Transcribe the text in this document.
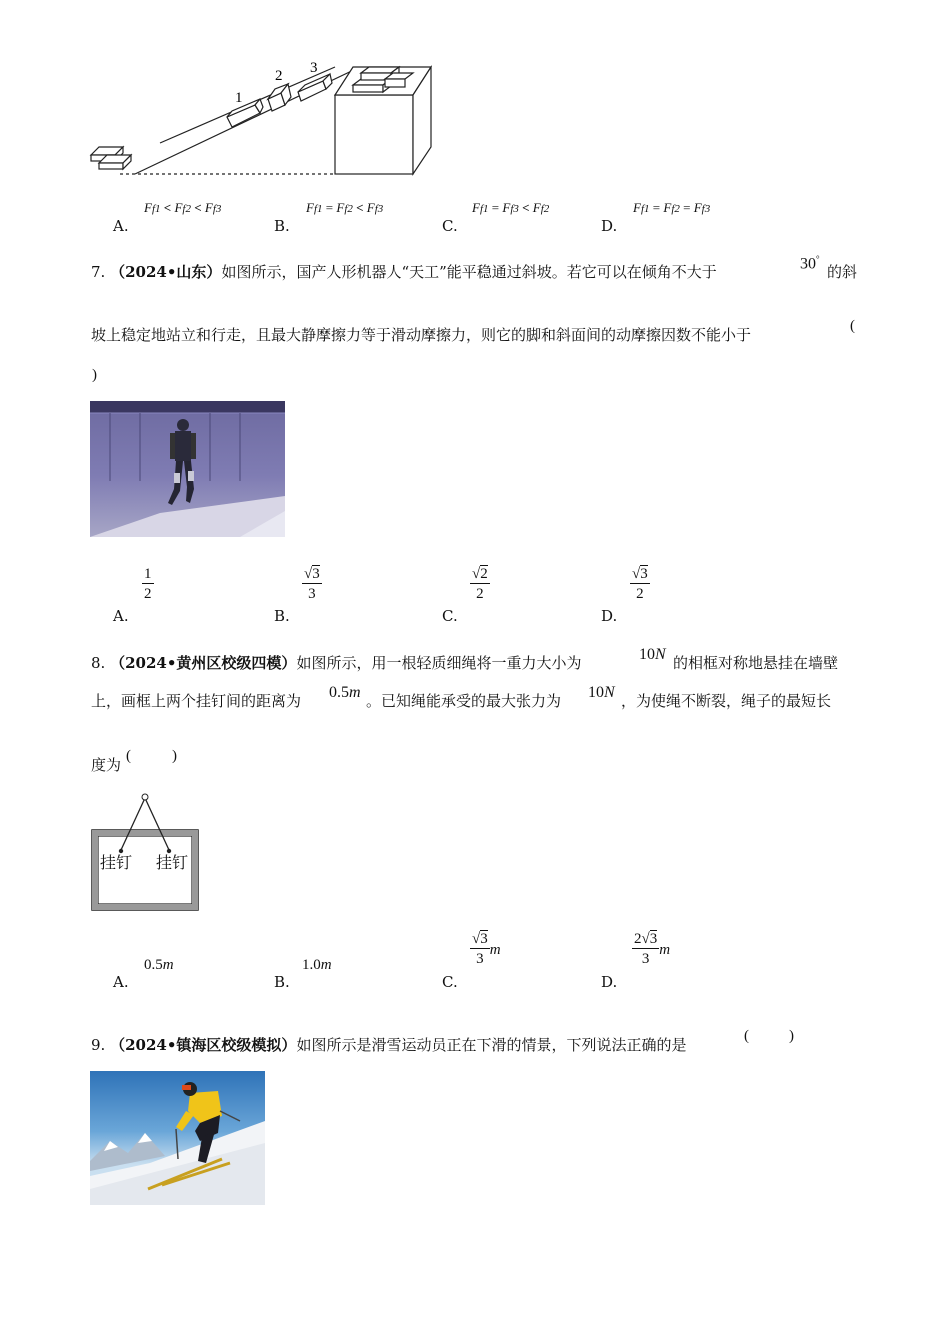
1
2 3
A.
Ff1 < Ff2 < Ff3
B.
Ff1 = Ff2 < Ff3
C.
Ff1 = Ff3 < Ff2
D.
Ff1 = Ff2 = Ff3
7. （2024•山东）如图所示，国产人形机器人“天工”能平稳通过斜坡。若它可以在倾角不大于	30°
的斜
坡上稳定地站立和行走，且最大静摩擦力等于滑动摩擦力，则它的脚和斜面间的动摩擦因数不能小于	(
)
A.
$\frac{1}{2}$
B.
$\frac{√3}{3}$
C.
$\frac{√2}{2}$
D.
$\frac{√3}{2}$
8. （2024•黄州区校级四模）如图所示，用一根轻质细绳将一重力大小为	10N 的相框对称地悬挂在墙壁
上，画框上两个挂钉间的距离为 0.5m 。已知绳能承受的最大张力为 10N ，为使绳不断裂，绳子的最短长
度为 (	)
挂钉 挂钉
A.
0.5m
B.
1.0m
C.
$\frac{√3}{3}$ m
D.
$\frac{2√3}{3}$ m
9. （2024•镇海区校级模拟）如图所示是滑雪运动员正在下滑的情景，下列说法正确的是	(	)
